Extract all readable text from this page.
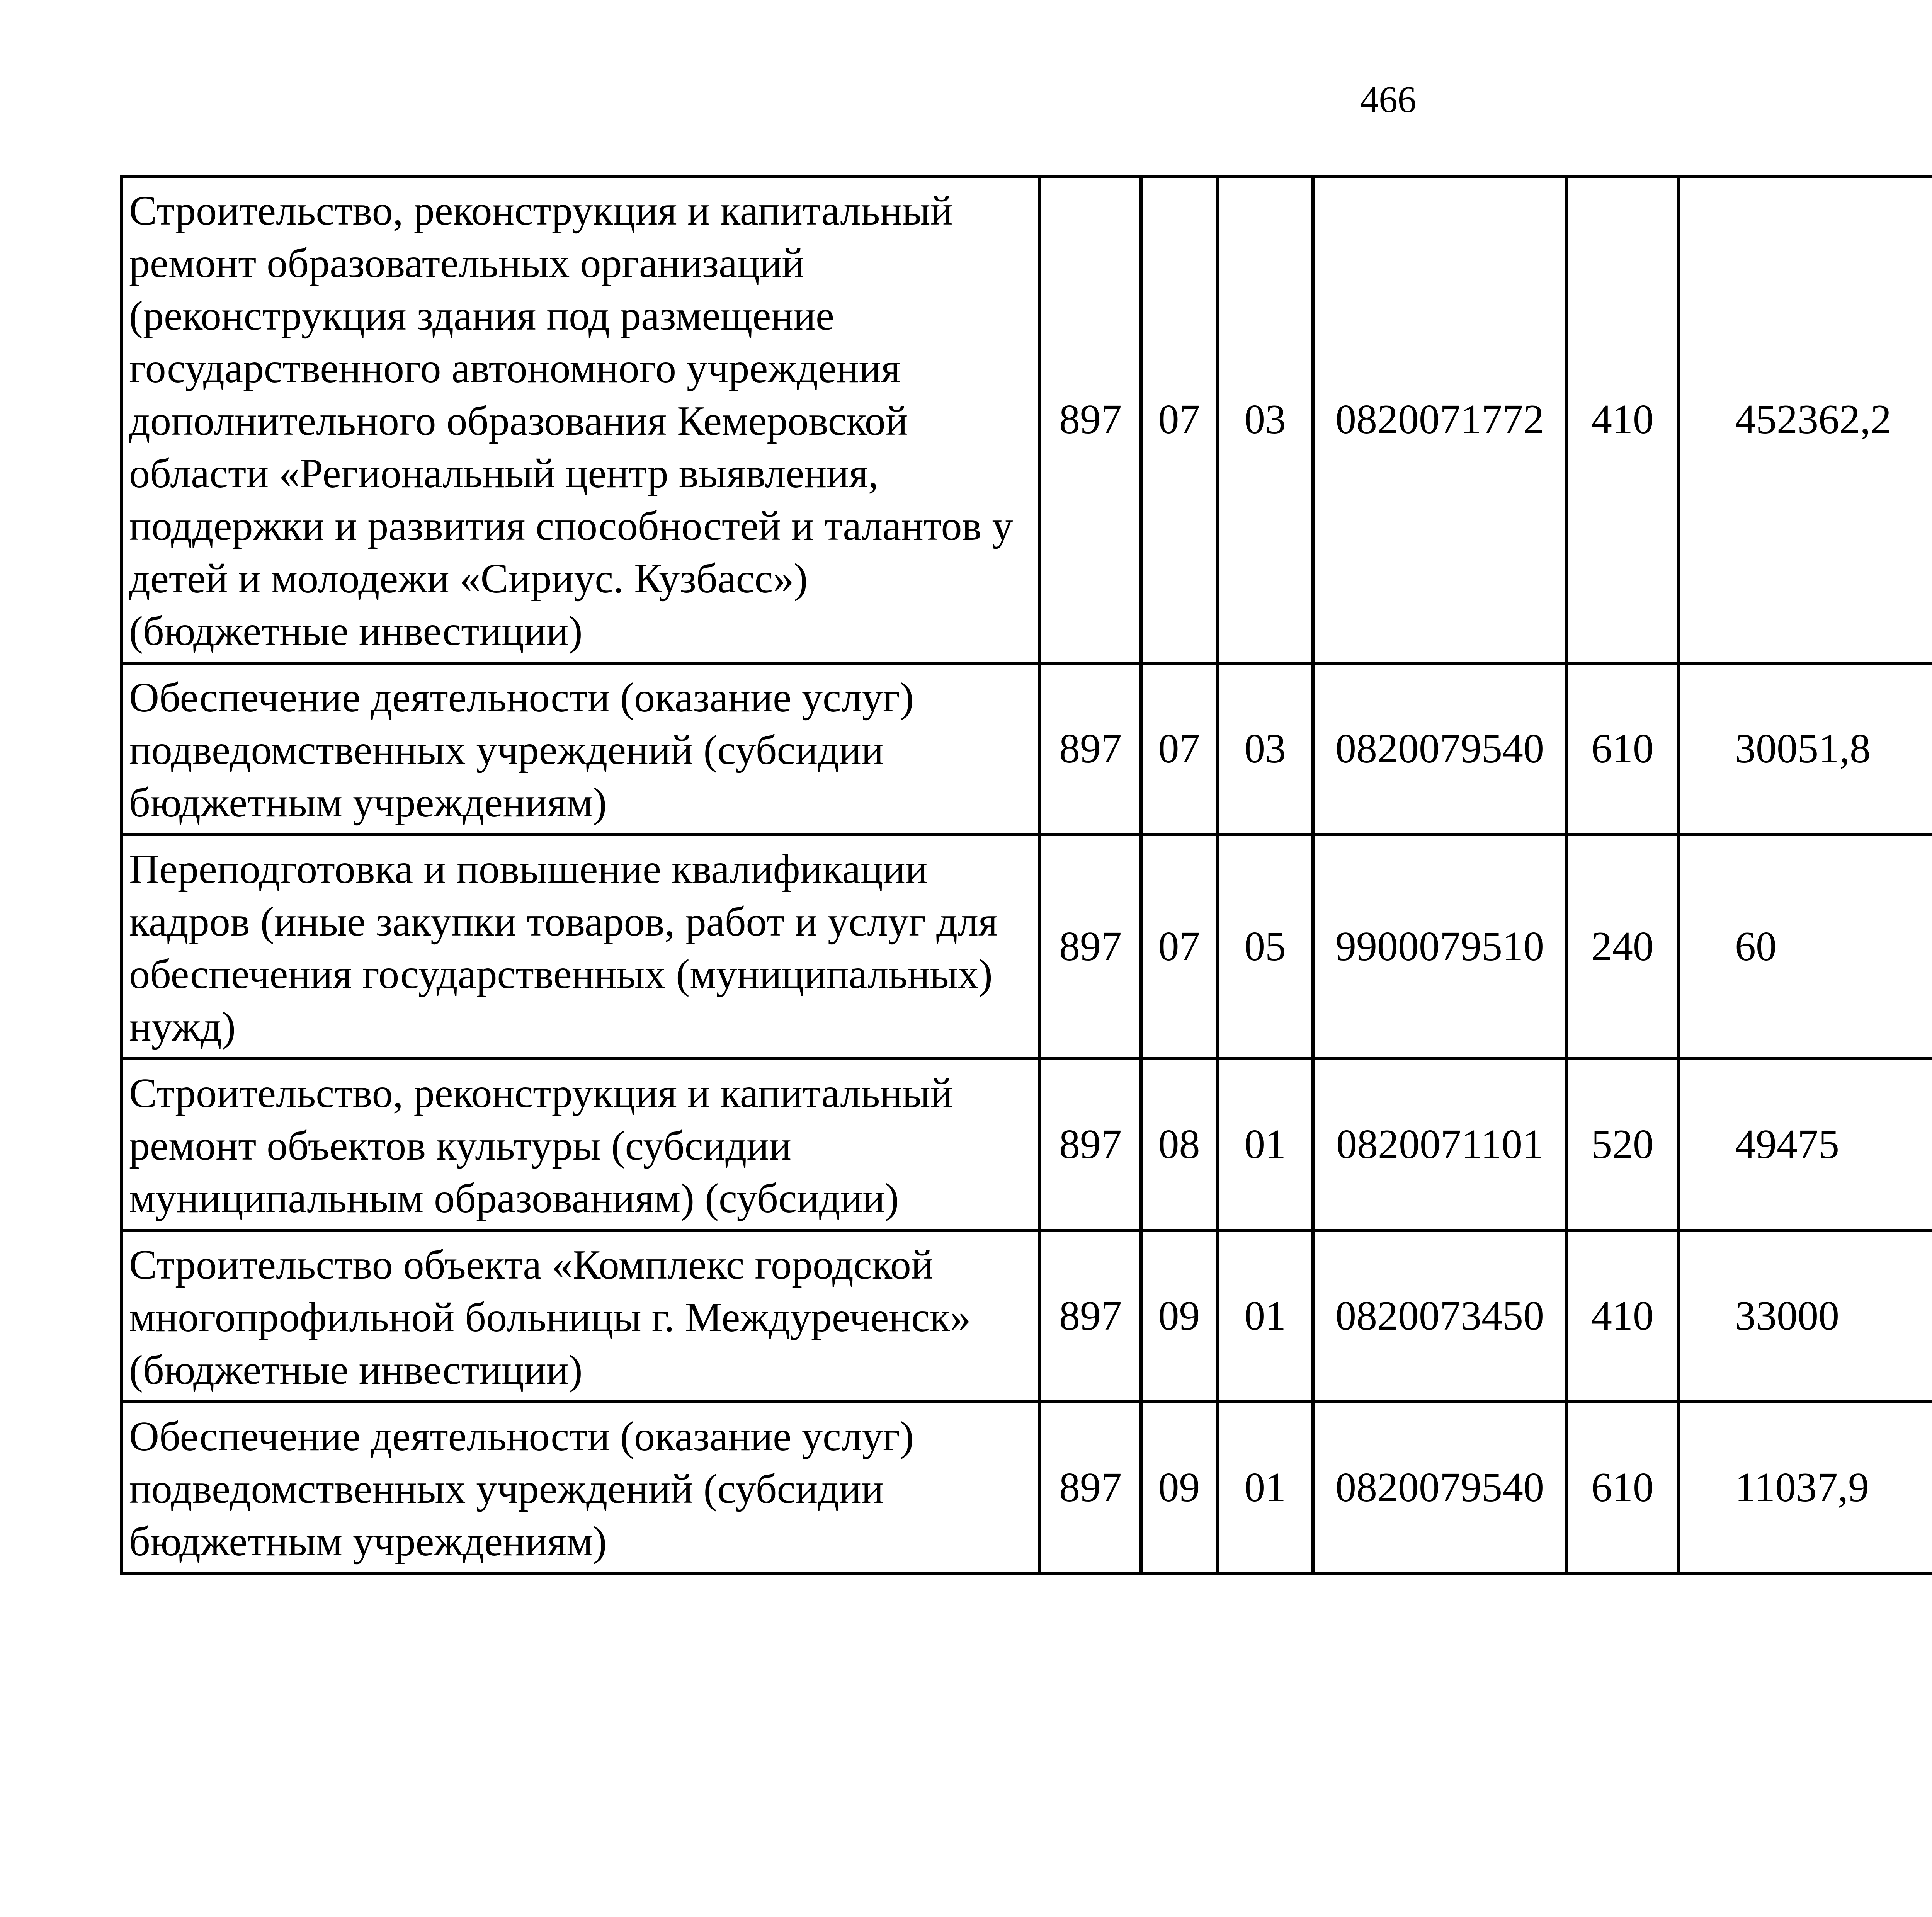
466
Строительство, реконструкция и капитальный ремонт образовательных организаций (реконструкция здания под размещение государственного автономного учреждения дополнительного образования Кемеровской области «Региональный центр выявления, поддержки и развития способностей и талантов у детей и молодежи «Сириус. Кузбасс») (бюджетные инвестиции)	897	07	03	0820071772	410	452362,2		
Обеспечение деятельности (оказание услуг) подведомственных учреждений (субсидии бюджетным учреждениям)	897	07	03	0820079540	610	30051,8		
Переподготовка и повышение квалификации кадров (иные закупки товаров, работ и услуг для обеспечения государственных (муниципальных) нужд)	897	07	05	9900079510	240	60		
Строительство, реконструкция и капитальный ремонт объектов культуры (субсидии муниципальным образованиям) (субсидии)	897	08	01	0820071101	520	49475		
Строительство объекта «Комплекс городской многопрофильной больницы г. Междуреченск» (бюджетные инвестиции)	897	09	01	0820073450	410	33000		
Обеспечение деятельности (оказание услуг) подведомственных учреждений (субсидии бюджетным учреждениям)	897	09	01	0820079540	610	11037,9		
